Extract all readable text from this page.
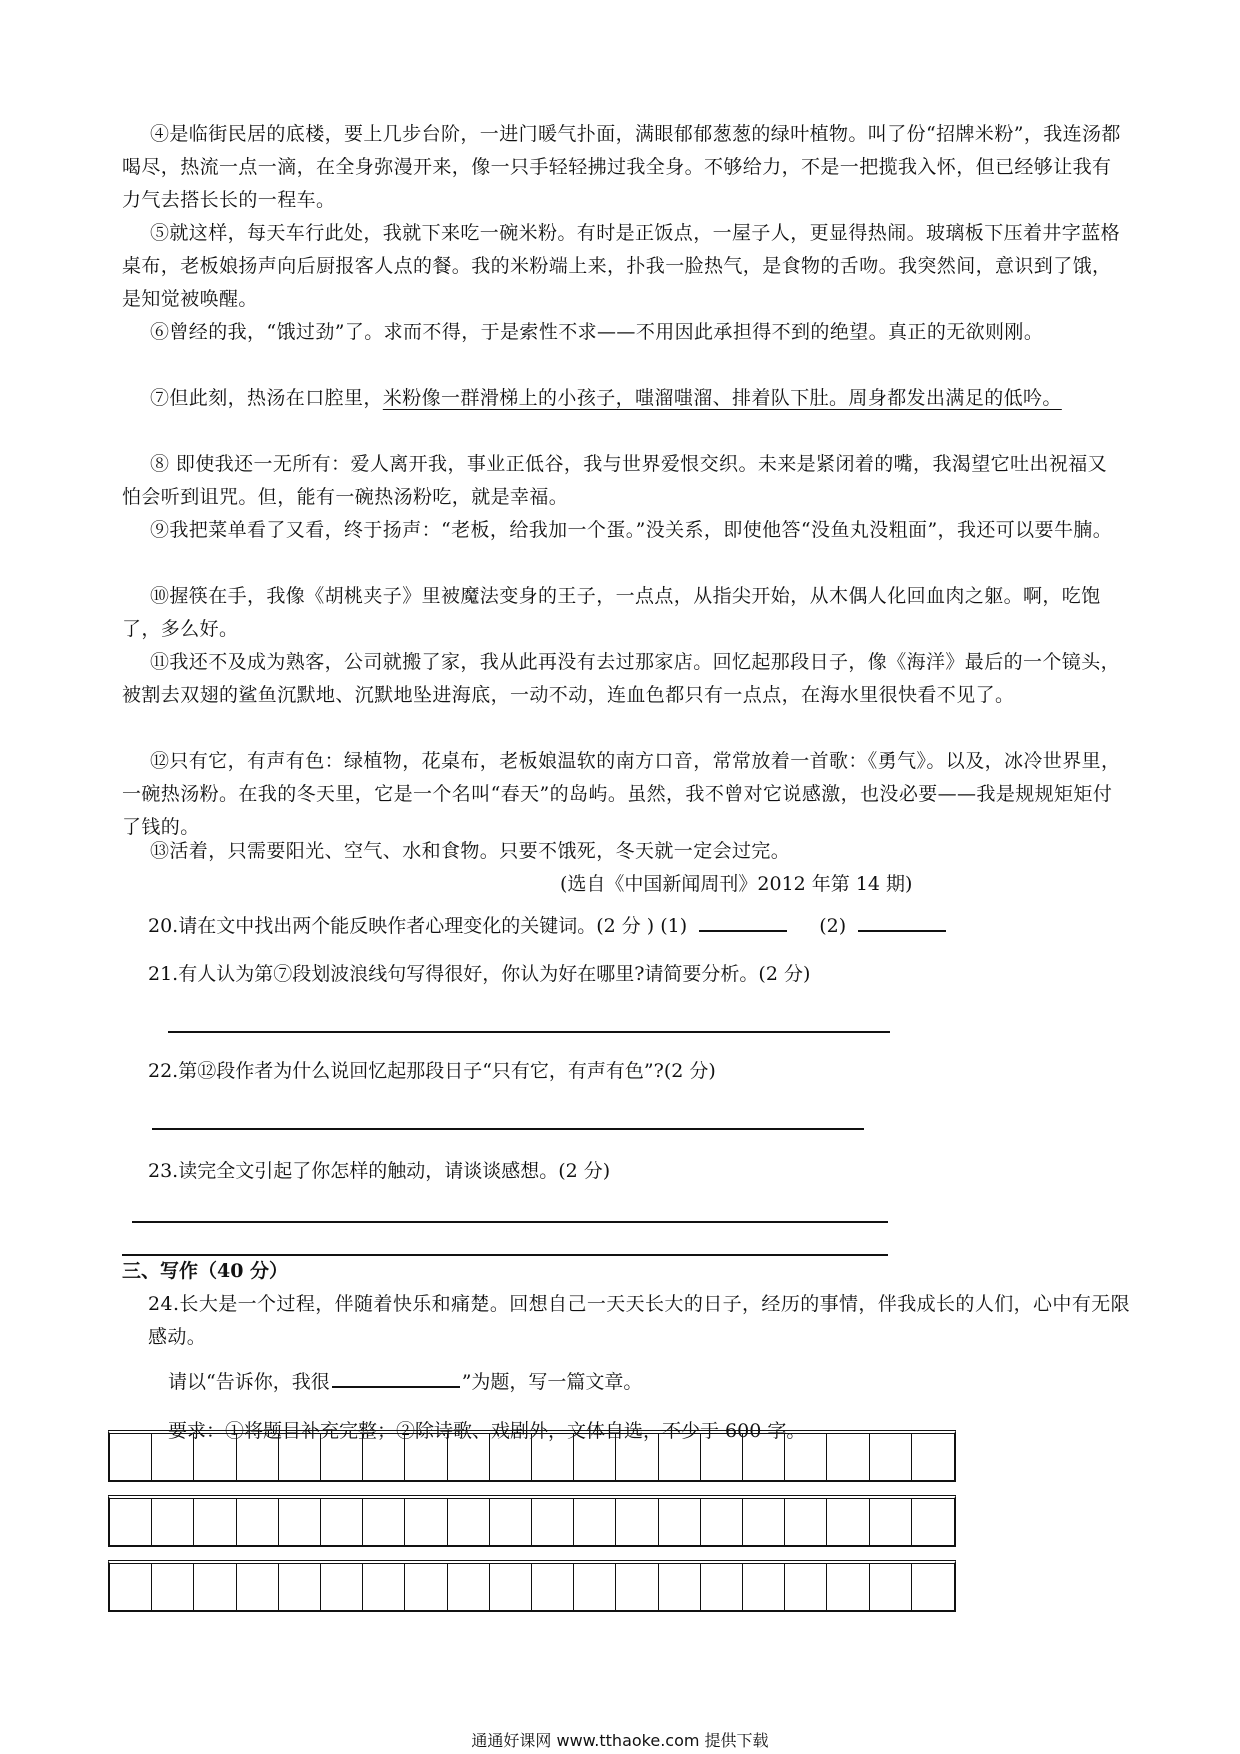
④是临街民居的底楼，要上几步台阶，一进门暖气扑面，满眼郁郁葱葱的绿叶植物。叫了份“招牌米粉”，我连汤都喝尽，热流一点一滴，在全身弥漫开来，像一只手轻轻拂过我全身。不够给力，不是一把揽我入怀，但已经够让我有力气去搭长长的一程车。

⑤就这样，每天车行此处，我就下来吃一碗米粉。有时是正饭点，一屋子人，更显得热闹。玻璃板下压着井字蓝格桌布，老板娘扬声向后厨报客人点的餐。我的米粉端上来，扑我一脸热气，是食物的舌吻。我突然间，意识到了饿，是知觉被唤醒。

⑥曾经的我，“饿过劲”了。求而不得，于是索性不求——不用因此承担得不到的绝望。真正的无欲则刚。

⑦但此刻，热汤在口腔里，米粉像一群滑梯上的小孩子，嗤溜嗤溜、排着队下肚。周身都发出满足的低吟。

⑧ 即使我还一无所有：爱人离开我，事业正低谷，我与世界爱恨交织。未来是紧闭着的嘴，我渴望它吐出祝福又怕会听到诅咒。但，能有一碗热汤粉吃，就是幸福。

⑨我把菜单看了又看，终于扬声：“老板，给我加一个蛋。”没关系，即使他答“没鱼丸没粗面”，我还可以要牛腩。

⑩握筷在手，我像《胡桃夹子》里被魔法变身的王子，一点点，从指尖开始，从木偶人化回血肉之躯。啊，吃饱了，多么好。

⑪我还不及成为熟客，公司就搬了家，我从此再没有去过那家店。回忆起那段日子，像《海洋》最后的一个镜头，被割去双翅的鲨鱼沉默地、沉默地坠进海底，一动不动，连血色都只有一点点，在海水里很快看不见了。

⑫只有它，有声有色：绿植物，花桌布，老板娘温软的南方口音，常常放着一首歌：《勇气》。以及，冰冷世界里，一碗热汤粉。在我的冬天里，它是一个名叫“春天”的岛屿。虽然，我不曾对它说感激，也没必要——我是规规矩矩付了钱的。

⑬活着，只需要阳光、空气、水和食物。只要不饿死，冬天就一定会过完。

(选自《中国新闻周刊》2012 年第 14 期)
20.请在文中找出两个能反映作者心理变化的关键词。(2 分 ) (1)	(2)
21.有人认为第⑦段划波浪线句写得很好，你认为好在哪里?请简要分析。(2 分)
22.第⑫段作者为什么说回忆起那段日子“只有它，有声有色”?(2 分)
23.读完全文引起了你怎样的触动，请谈谈感想。(2 分)
三、写作（40 分）

24.长大是一个过程，伴随着快乐和痛楚。回想自己一天天长大的日子，经历的事情，伴我成长的人们，心中有无限感动。

请以“告诉你，我很	”为题，写一篇文章。
要求：①将题目补充完整；②除诗歌、戏剧外，文体自选，不少于 600 字。
通通好课网 www.tthaoke.com 提供下载
